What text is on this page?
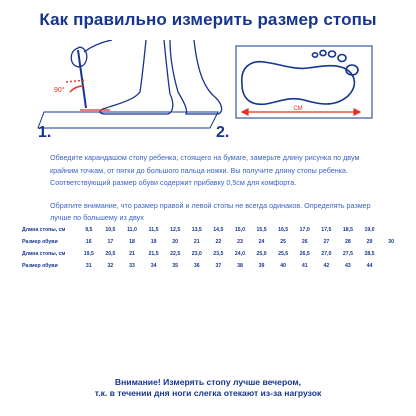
Как правильно измерить размер стопы
90°
СМ
1.	2.

Обведите карандашом стопу ребенка, стоящего на бумаге, замерьте длину рисунка по двум крайним точкам, от пятки до большого пальца ножки. Вы получите длину стопы ребенка. Соответствующий размер обуви содержит прибавку 0,5см для комфорта.

Обратите внимание, что размер правой и левой стопы не всегда одинаков. Определять размер лучше по большему из двух

Длина стопы, см	9,5	10,5	11,0	11,5	12,5	13,5	14,5	15,0	15,5	16,5	17,0	17,5	18,5	19,0	
Размер обуви	16	17	18	19	20	21	22	23	24	25	26	27	28	29	30
Длина стопы, см	19,5	20,5	21	21,5	22,5	23,0	23,5	24,0	25,0	25,5	26,5	27,0	27,5	28,5	
Размер обуви	31	32	33	34	35	36	37	38	39	40	41	42	43	44	
Внимание! Измерять стопу лучше вечером,
т.к. в течении дня ноги слегка отекают из-за нагрузок
